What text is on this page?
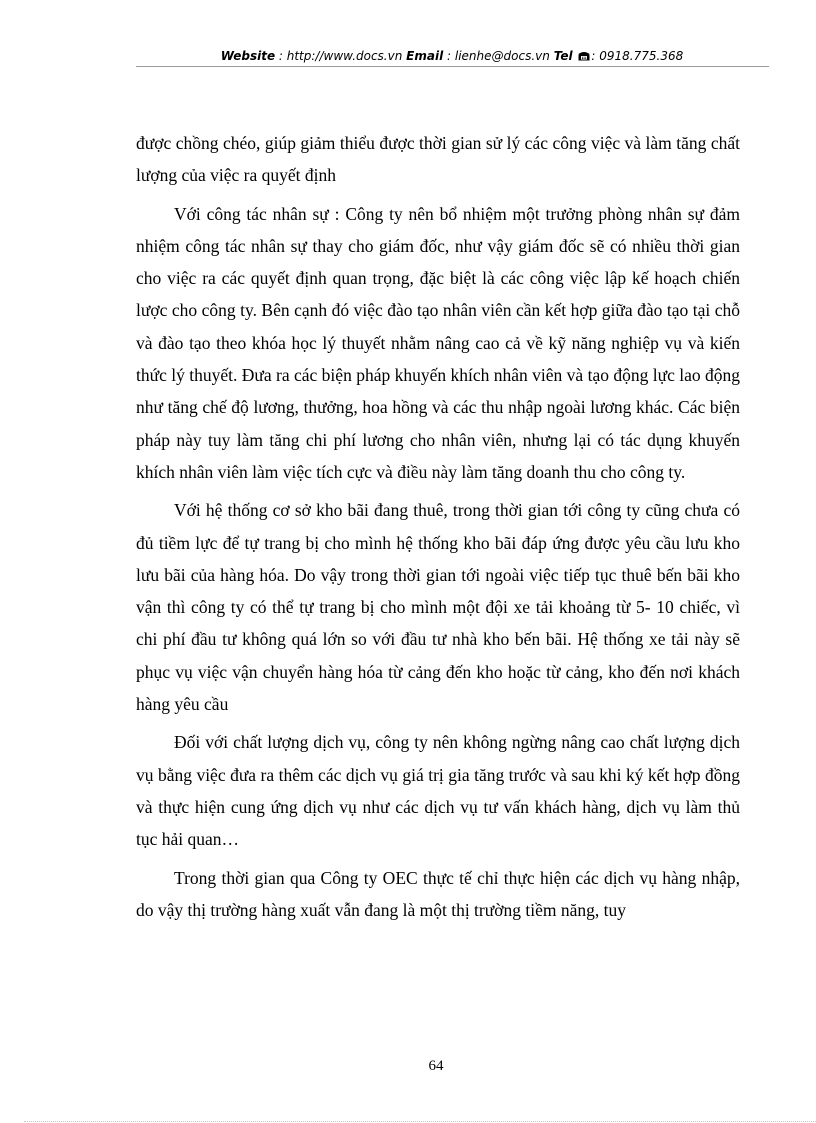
Website : http://www.docs.vn Email : lienhe@docs.vn Tel : 0918.775.368

được chồng chéo, giúp giảm thiểu được thời gian sử lý các công việc và làm tăng chất lượng của việc ra quyết định

Với công tác nhân sự : Công ty nên bổ nhiệm một trưởng phòng nhân sự đảm nhiệm công tác nhân sự thay cho giám đốc, như vậy giám đốc sẽ có nhiều thời gian cho việc ra các quyết định quan trọng, đặc biệt là các công việc lập kế hoạch chiến lược cho công ty. Bên cạnh đó việc đào tạo nhân viên cần kết hợp giữa đào tạo tại chỗ và đào tạo theo khóa học lý thuyết nhằm nâng cao cả về kỹ năng nghiệp vụ và kiến thức lý thuyết. Đưa ra các biện pháp khuyến khích nhân viên và tạo động lực lao động như tăng chế độ lương, thưởng, hoa hồng và các thu nhập ngoài lương khác. Các biện pháp này tuy làm tăng chi phí lương cho nhân viên, nhưng lại có tác dụng khuyến khích nhân viên làm việc tích cực và điều này làm tăng doanh thu cho công ty.

Với hệ thống cơ sở kho bãi đang thuê, trong thời gian tới công ty cũng chưa có đủ tiềm lực để tự trang bị cho mình hệ thống kho bãi đáp ứng được yêu cầu lưu kho lưu bãi của hàng hóa. Do vậy trong thời gian tới ngoài việc tiếp tục thuê bến bãi kho vận thì công ty có thể tự trang bị cho mình một đội xe tải khoảng từ 5- 10 chiếc, vì chi phí đầu tư không quá lớn so với đầu tư nhà kho bến bãi. Hệ thống xe tải này sẽ phục vụ việc vận chuyển hàng hóa từ cảng đến kho hoặc từ cảng, kho đến nơi khách hàng yêu cầu

Đối với chất lượng dịch vụ, công ty nên không ngừng nâng cao chất lượng dịch vụ bằng việc đưa ra thêm các dịch vụ giá trị gia tăng trước và sau khi ký kết hợp đồng và thực hiện cung ứng dịch vụ như các dịch vụ tư vấn khách hàng, dịch vụ làm thủ tục hải quan…

Trong thời gian qua Công ty OEC thực tế chỉ thực hiện các dịch vụ hàng nhập, do vậy thị trường hàng xuất vẫn đang là một thị trường tiềm năng, tuy

64
